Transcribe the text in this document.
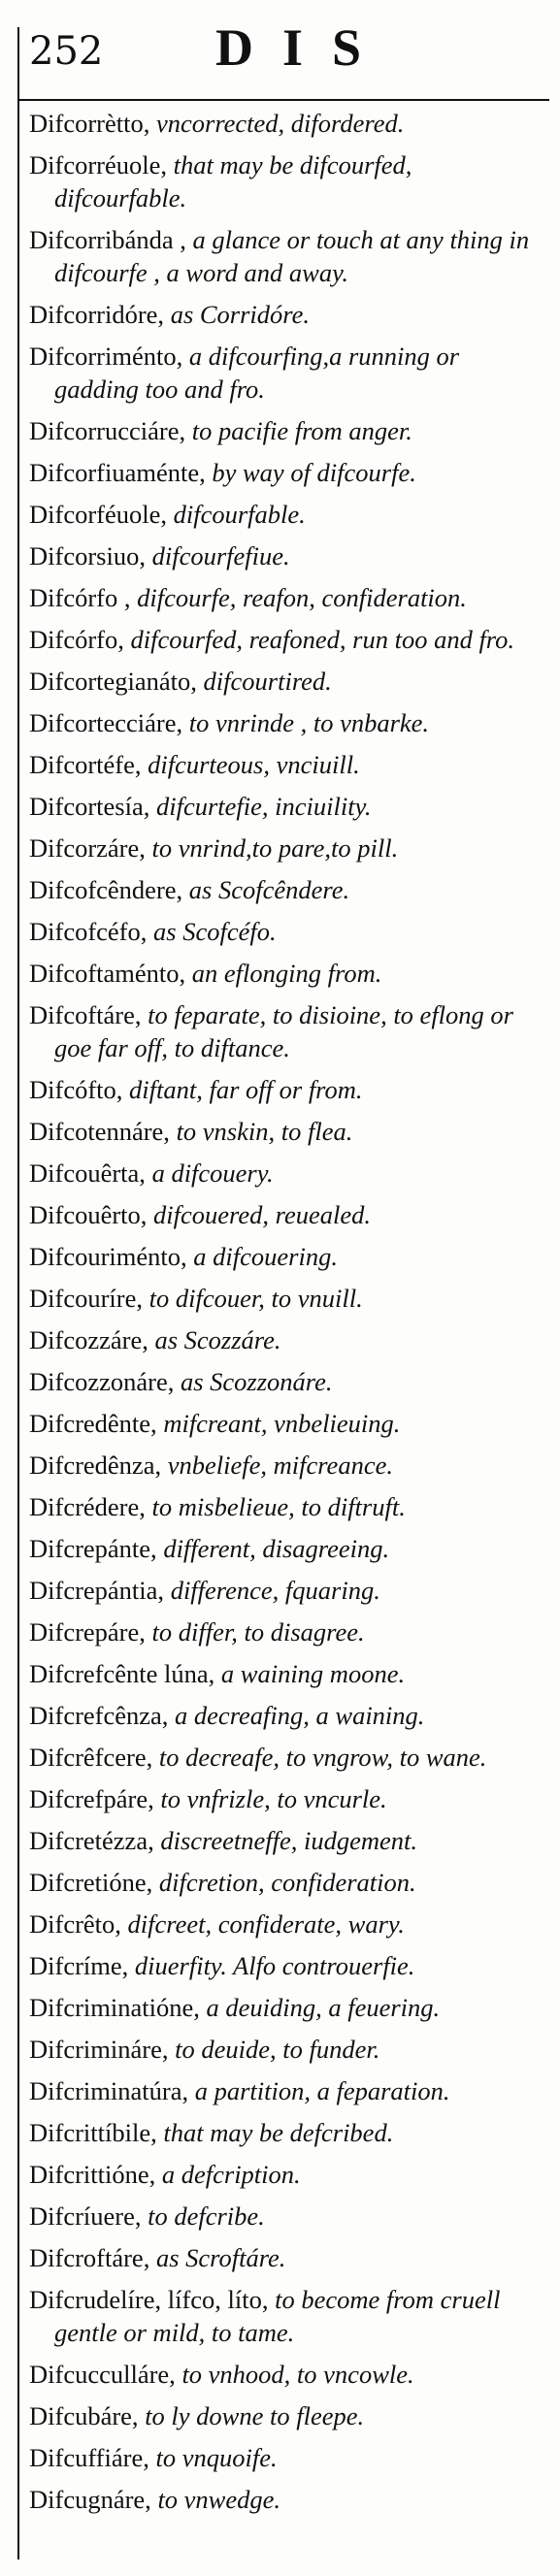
252 DIS

Difcorrètto, vncorrected, difordered.

Difcorréuole, that may be difcourfed, difcourfable.

Difcorribánda , a glance or touch at any thing in difcourfe , a word and away.

Difcorridóre, as Corridóre.

Difcorriménto, a difcourfing,a running or gadding too and fro.

Difcorrucciáre, to pacifie from anger.

Difcorfiuaménte, by way of difcourfe.

Difcorféuole, difcourfable.

Difcorsiuo, difcourfefiue.

Difcórfo , difcourfe, reafon, confideration.

Difcórfo, difcourfed, reafoned, run too and fro.

Difcortegianáto, difcourtired.

Difcortecciáre, to vnrinde , to vnbarke.

Difcortéfe, difcurteous, vnciuill.

Difcortesía, difcurtefie, inciuility.

Difcorzáre, to vnrind,to pare,to pill.

Difcofcêndere, as Scofcêndere.

Difcofcéfo, as Scofcéfo.

Difcoftaménto, an eflonging from.

Difcoftáre, to feparate, to disioine, to eflong or goe far off, to diftance.

Difcófto, diftant, far off or from.

Difcotennáre, to vnskin, to flea.

Difcouêrta, a difcouery.

Difcouêrto, difcouered, reuealed.

Difcouriménto, a difcouering.

Difcouríre, to difcouer, to vnuill.

Difcozzáre, as Scozzáre.

Difcozzonáre, as Scozzonáre.

Difcredênte, mifcreant, vnbelieuing.

Difcredênza, vnbeliefe, mifcreance.

Difcrédere, to misbelieue, to diftruft.

Difcrepánte, different, disagreeing.

Difcrepántia, difference, fquaring.

Difcrepáre, to differ, to disagree.

Difcrefcênte lúna, a waining moone.

Difcrefcênza, a decreafing, a waining.

Difcrêfcere, to decreafe, to vngrow, to wane.

Difcrefpáre, to vnfrizle, to vncurle.

Difcretézza, discreetneffe, iudgement.

Difcretióne, difcretion, confideration.

Difcrêto, difcreet, confiderate, wary.

Difcríme, diuerfity. Alfo controuerfie.

Difcriminatióne, a deuiding, a feuering.

Difcrimináre, to deuide, to funder.

Difcriminatúra, a partition, a feparation.

Difcrittíbile, that may be defcribed.

Difcrittióne, a defcription.

Difcríuere, to defcribe.

Difcroftáre, as Scroftáre.

Difcrudelíre, lífco, líto, to become from cruell gentle or mild, to tame.

Difcucculláre, to vnhood, to vncowle.

Difcubáre, to ly downe to fleepe.

Difcuffiáre, to vnquoife.

Difcugnáre, to vnwedge.
